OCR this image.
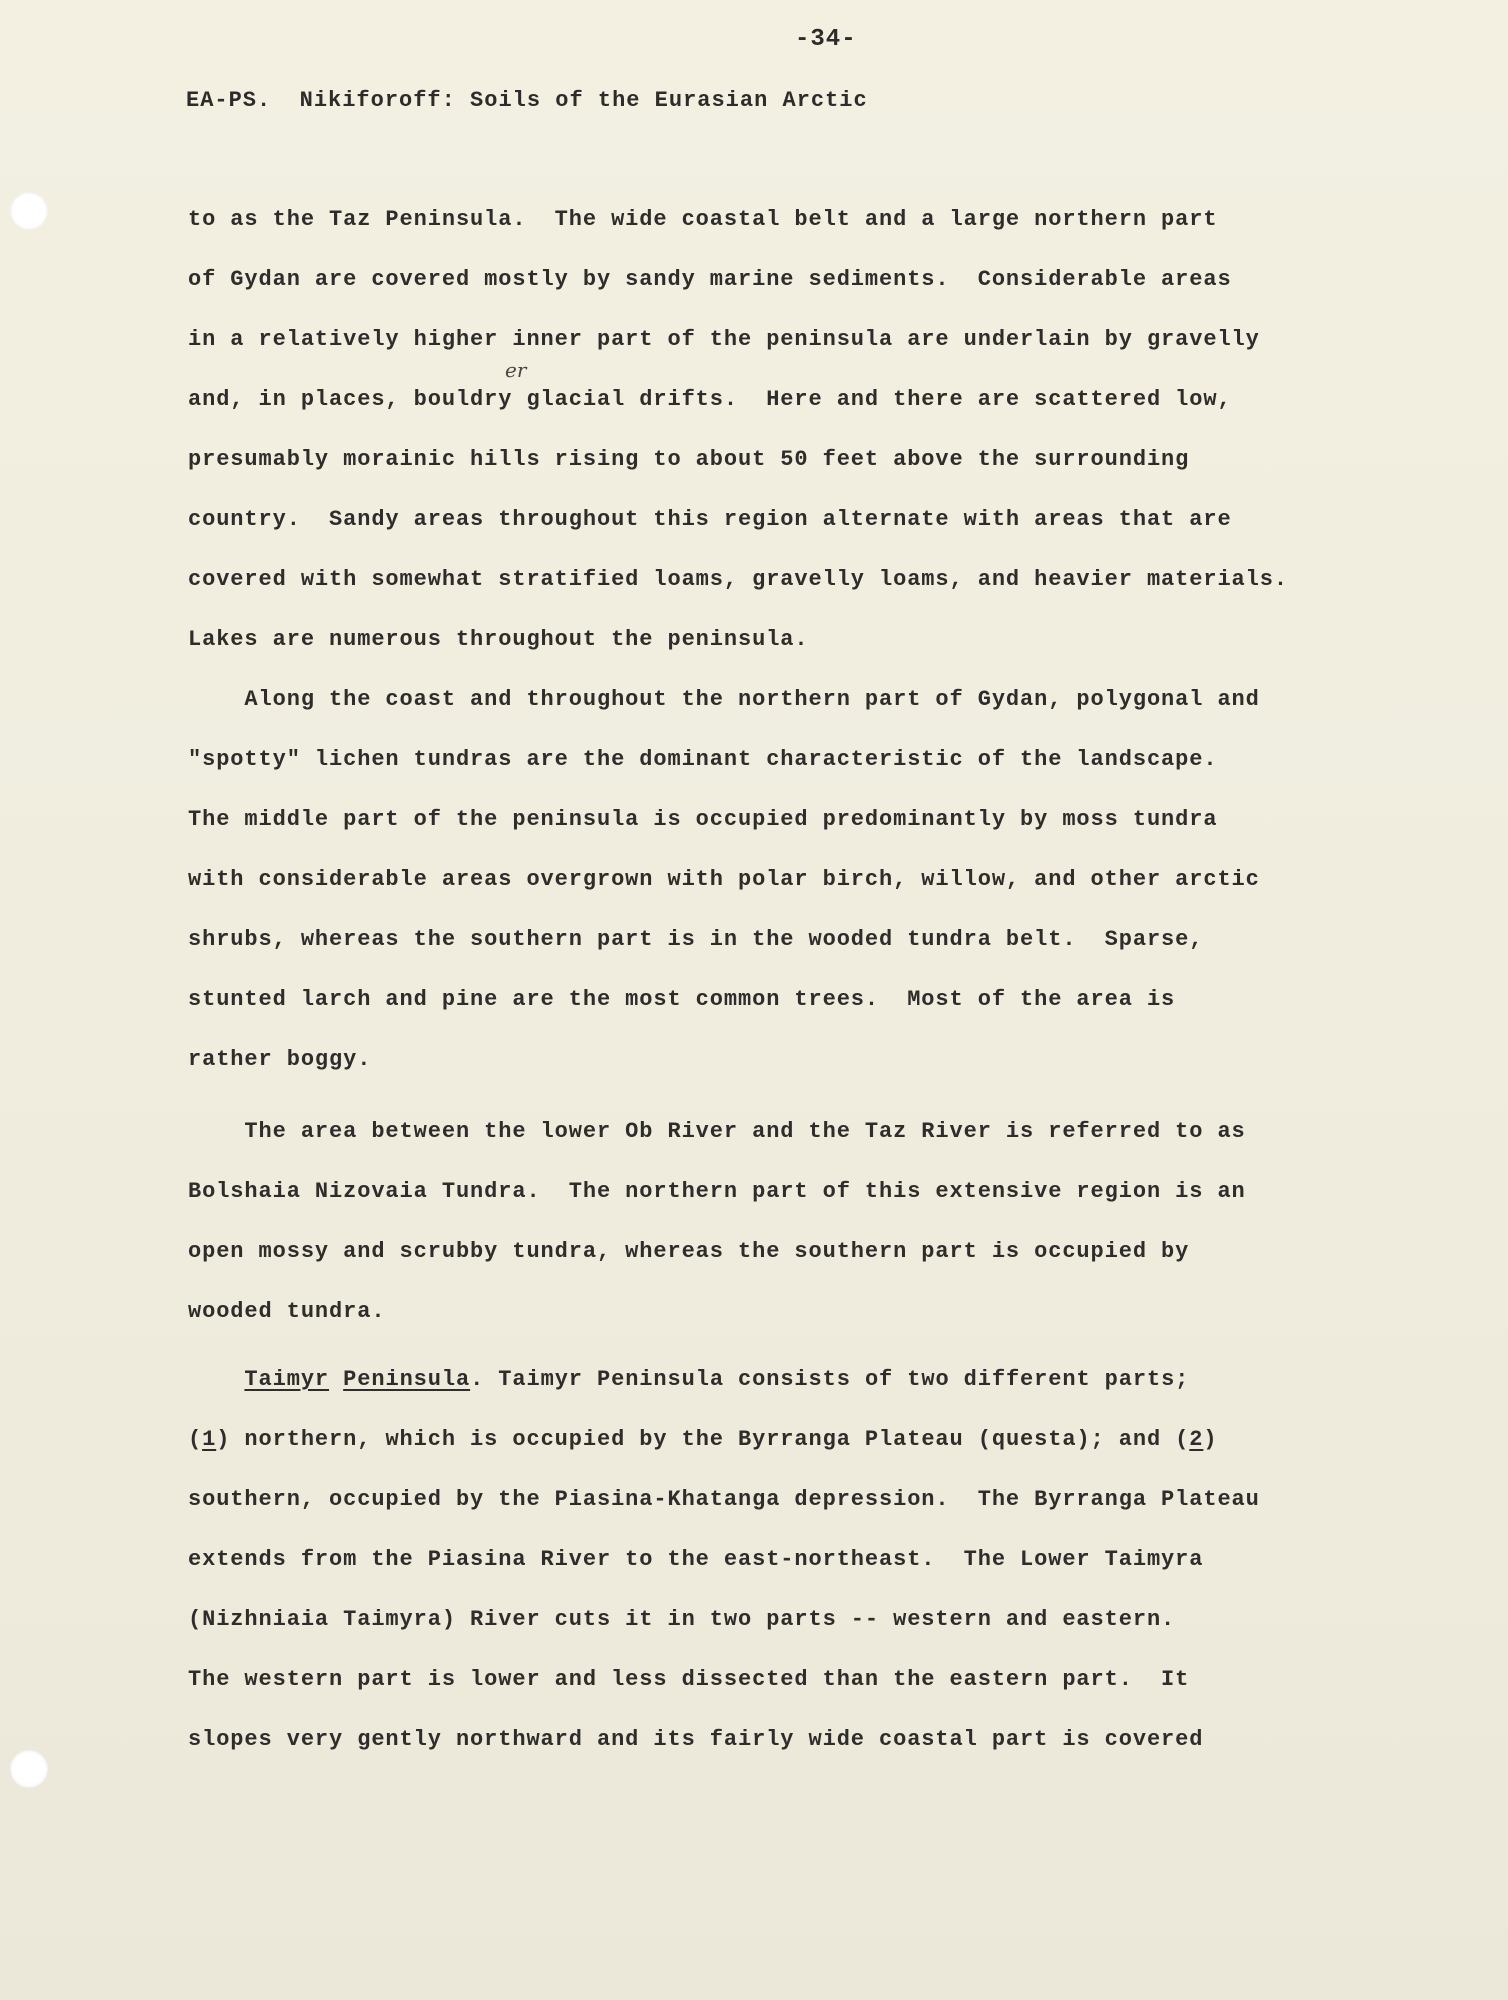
-34-
EA-PS.  Nikiforoff: Soils of the Eurasian Arctic
to as the Taz Peninsula.  The wide coastal belt and a large northern part
of Gydan are covered mostly by sandy marine sediments.  Considerable areas
in a relatively higher inner part of the peninsula are underlain by gravelly
er
and, in places, bouldry glacial drifts.  Here and there are scattered low,
presumably morainic hills rising to about 50 feet above the surrounding
country.  Sandy areas throughout this region alternate with areas that are
covered with somewhat stratified loams, gravelly loams, and heavier materials.
Lakes are numerous throughout the peninsula.
Along the coast and throughout the northern part of Gydan, polygonal and
"spotty" lichen tundras are the dominant characteristic of the landscape.
The middle part of the peninsula is occupied predominantly by moss tundra
with considerable areas overgrown with polar birch, willow, and other arctic
shrubs, whereas the southern part is in the wooded tundra belt.  Sparse,
stunted larch and pine are the most common trees.  Most of the area is
rather boggy.
The area between the lower Ob River and the Taz River is referred to as
Bolshaia Nizovaia Tundra.  The northern part of this extensive region is an
open mossy and scrubby tundra, whereas the southern part is occupied by
wooded tundra.
Taimyr Peninsula. Taimyr Peninsula consists of two different parts;
(1) northern, which is occupied by the Byrranga Plateau (questa); and (2)
southern, occupied by the Piasina-Khatanga depression.  The Byrranga Plateau
extends from the Piasina River to the east-northeast.  The Lower Taimyra
(Nizhniaia Taimyra) River cuts it in two parts -- western and eastern.
The western part is lower and less dissected than the eastern part.  It
slopes very gently northward and its fairly wide coastal part is covered
